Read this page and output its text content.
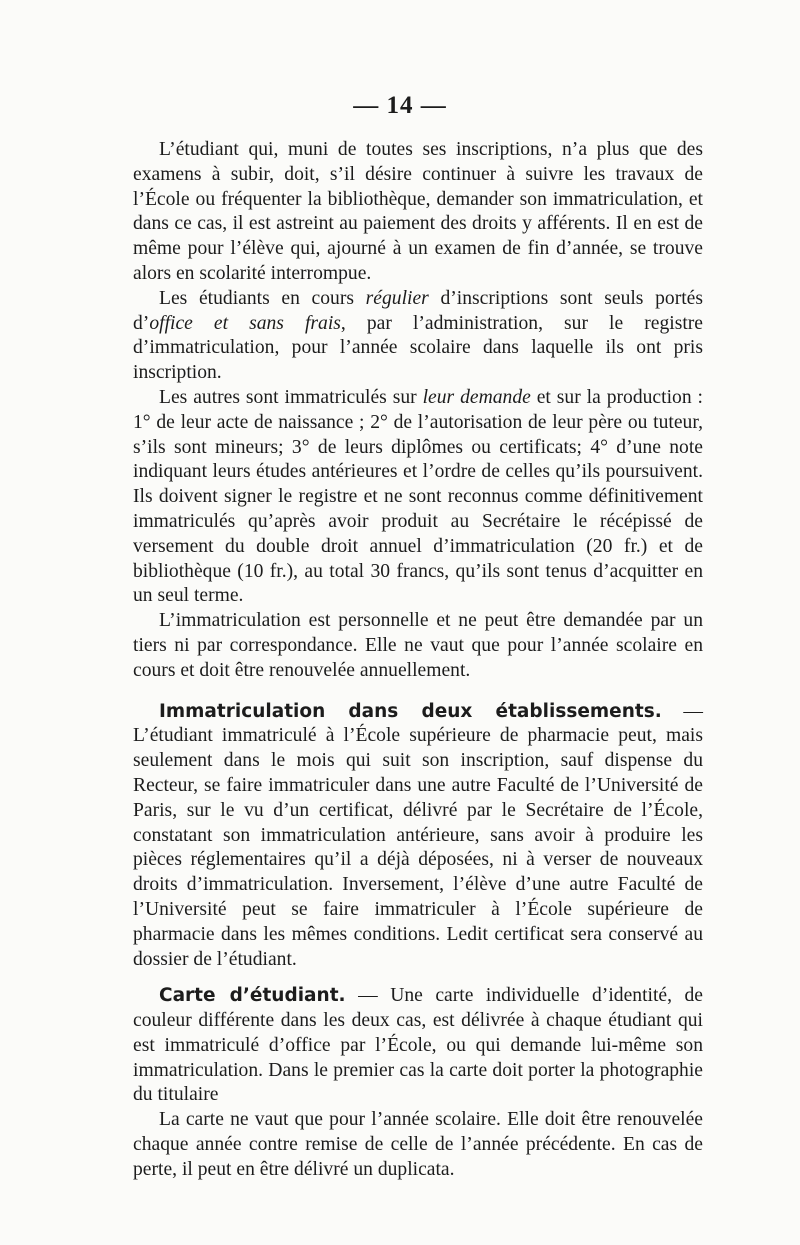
— 14 —

L’étudiant qui, muni de toutes ses inscriptions, n’a plus que des examens à subir, doit, s’il désire continuer à suivre les travaux de l’École ou fréquenter la bibliothèque, demander son immatriculation, et dans ce cas, il est astreint au paiement des droits y afférents. Il en est de même pour l’élève qui, ajourné à un examen de fin d’année, se trouve alors en scolarité interrompue.

Les étudiants en cours régulier d’inscriptions sont seuls portés d’office et sans frais, par l’administration, sur le registre d’immatriculation, pour l’année scolaire dans laquelle ils ont pris inscription.

Les autres sont immatriculés sur leur demande et sur la production : 1° de leur acte de naissance ; 2° de l’autorisation de leur père ou tuteur, s’ils sont mineurs; 3° de leurs diplômes ou certificats; 4° d’une note indiquant leurs études antérieures et l’ordre de celles qu’ils poursuivent. Ils doivent signer le registre et ne sont reconnus comme définitivement immatriculés qu’après avoir produit au Secrétaire le récépissé de versement du double droit annuel d’immatriculation (20 fr.) et de bibliothèque (10 fr.), au total 30 francs, qu’ils sont tenus d’acquitter en un seul terme.

L’immatriculation est personnelle et ne peut être demandée par un tiers ni par correspondance. Elle ne vaut que pour l’année scolaire en cours et doit être renouvelée annuellement.

Immatriculation dans deux établissements. — L’étudiant immatriculé à l’École supérieure de pharmacie peut, mais seulement dans le mois qui suit son inscription, sauf dispense du Recteur, se faire immatriculer dans une autre Faculté de l’Université de Paris, sur le vu d’un certificat, délivré par le Secrétaire de l’École, constatant son immatriculation antérieure, sans avoir à produire les pièces réglementaires qu’il a déjà déposées, ni à verser de nouveaux droits d’immatriculation. Inversement, l’élève d’une autre Faculté de l’Université peut se faire immatriculer à l’École supérieure de pharmacie dans les mêmes conditions. Ledit certificat sera conservé au dossier de l’étudiant.

Carte d’étudiant. — Une carte individuelle d’identité, de couleur différente dans les deux cas, est délivrée à chaque étudiant qui est immatriculé d’office par l’École, ou qui demande lui-même son immatriculation. Dans le premier cas la carte doit porter la photographie du titulaire

La carte ne vaut que pour l’année scolaire. Elle doit être renouvelée chaque année contre remise de celle de l’année précédente. En cas de perte, il peut en être délivré un duplicata.
